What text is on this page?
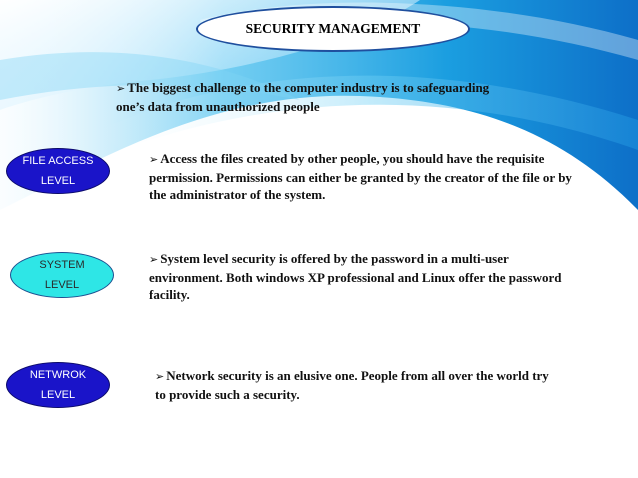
SECURITY MANAGEMENT
➢ The biggest challenge to the computer industry is to safeguarding
one’s data from unauthorized people
FILE ACCESS
LEVEL
➢ Access the files created by other people, you should have the requisite
permission. Permissions can either be granted by the creator of the file or by
the administrator of the system.
SYSTEM
LEVEL
➢ System level security is offered by the password in a multi-user
environment. Both windows XP professional and Linux offer the password
facility.
NETWROK
LEVEL
➢ Network security is an elusive one. People from all over the world try
to provide such a security.
